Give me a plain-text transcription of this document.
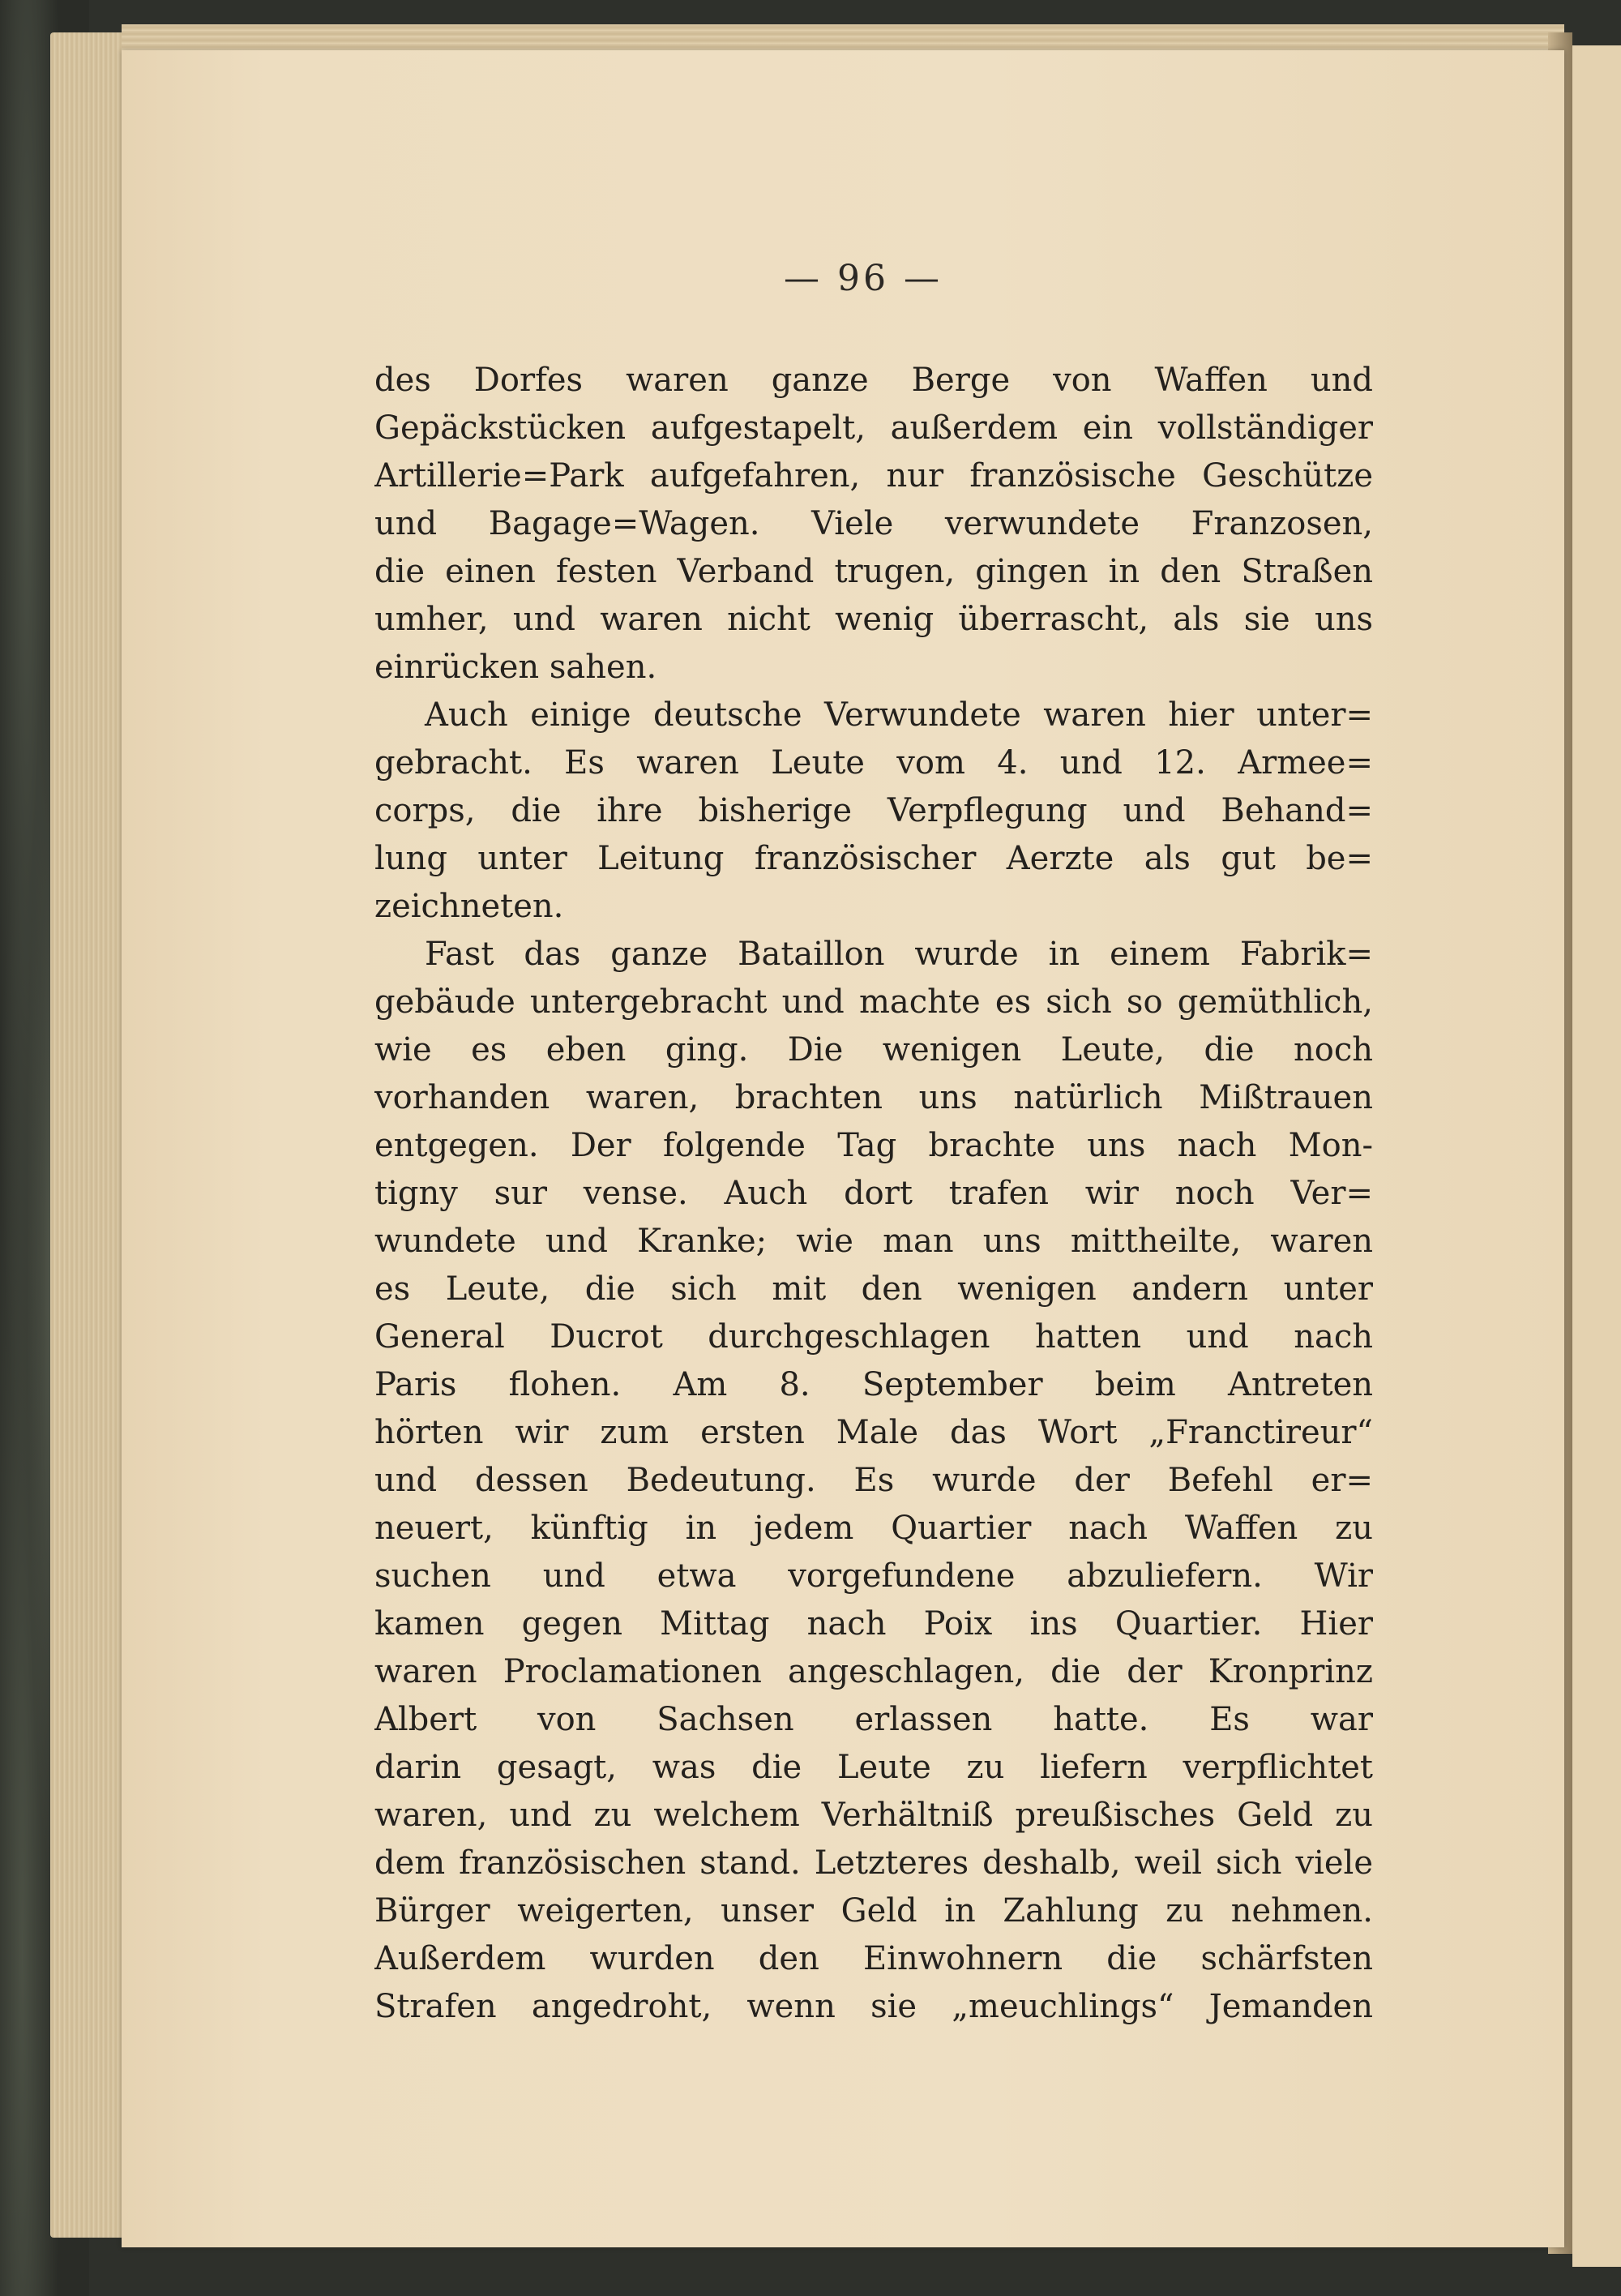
— 96 —
des Dorfes waren ganze Berge von Waffen und
Gepäckstücken aufgestapelt, außerdem ein vollständiger
Artillerie=Park aufgefahren, nur französische Geschütze
und Bagage=Wagen. Viele verwundete Franzosen,
die einen festen Verband trugen, gingen in den Straßen
umher, und waren nicht wenig überrascht, als sie uns
einrücken sahen.
Auch einige deutsche Verwundete waren hier unter=
gebracht. Es waren Leute vom 4. und 12. Armee=
corps, die ihre bisherige Verpflegung und Behand=
lung unter Leitung französischer Aerzte als gut be=
zeichneten.
Fast das ganze Bataillon wurde in einem Fabrik=
gebäude untergebracht und machte es sich so gemüthlich,
wie es eben ging. Die wenigen Leute, die noch
vorhanden waren, brachten uns natürlich Mißtrauen
entgegen. Der folgende Tag brachte uns nach Mon-
tigny sur vense. Auch dort trafen wir noch Ver=
wundete und Kranke; wie man uns mittheilte, waren
es Leute, die sich mit den wenigen andern unter
General Ducrot durchgeschlagen hatten und nach
Paris flohen. Am 8. September beim Antreten
hörten wir zum ersten Male das Wort „Franctireur“
und dessen Bedeutung. Es wurde der Befehl er=
neuert, künftig in jedem Quartier nach Waffen zu
suchen und etwa vorgefundene abzuliefern. Wir
kamen gegen Mittag nach Poix ins Quartier. Hier
waren Proclamationen angeschlagen, die der Kronprinz
Albert von Sachsen erlassen hatte. Es war
darin gesagt, was die Leute zu liefern verpflichtet
waren, und zu welchem Verhältniß preußisches Geld zu
dem französischen stand. Letzteres deshalb, weil sich viele
Bürger weigerten, unser Geld in Zahlung zu nehmen.
Außerdem wurden den Einwohnern die schärfsten
Strafen angedroht, wenn sie „meuchlings“ Jemanden
